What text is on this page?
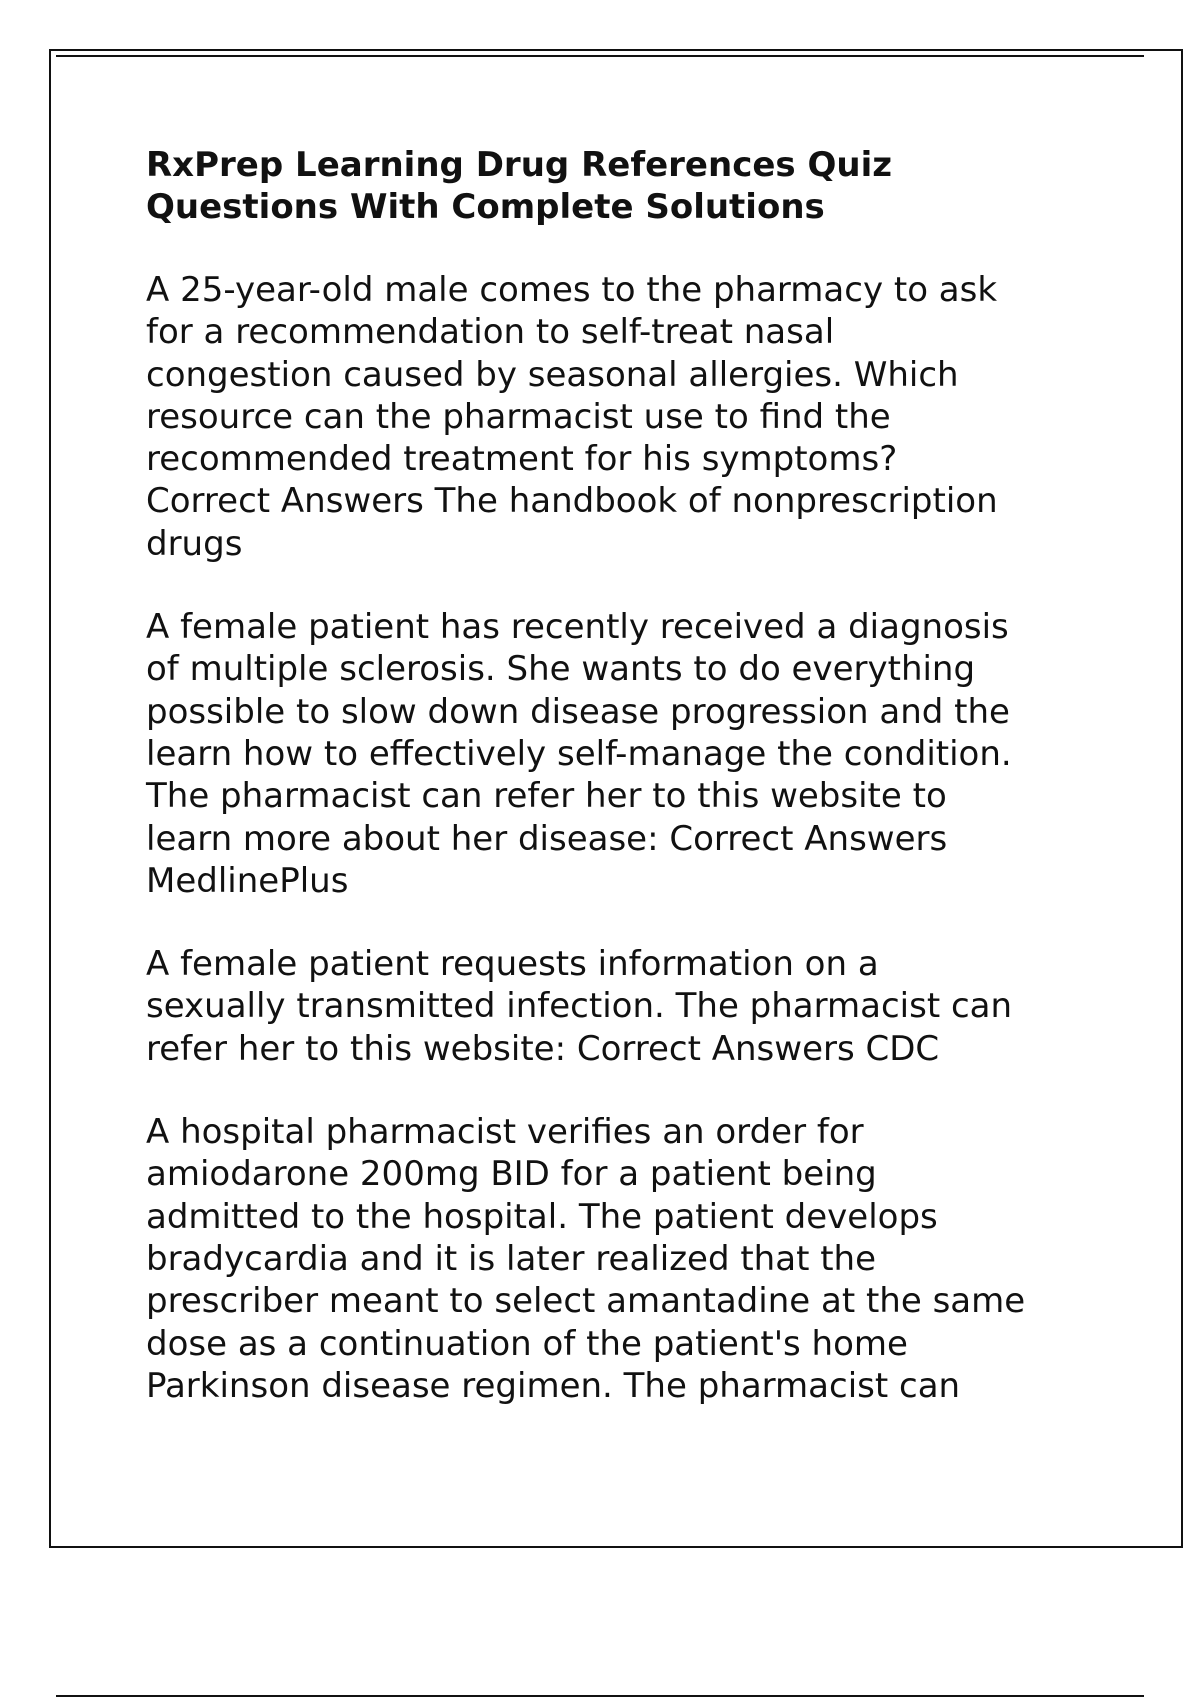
RxPrep Learning Drug References Quiz
Questions With Complete Solutions

A 25-year-old male comes to the pharmacy to ask
for a recommendation to self-treat nasal
congestion caused by seasonal allergies. Which
resource can the pharmacist use to find the
recommended treatment for his symptoms?
Correct Answers The handbook of nonprescription
drugs

A female patient has recently received a diagnosis
of multiple sclerosis. She wants to do everything
possible to slow down disease progression and the
learn how to effectively self-manage the condition.
The pharmacist can refer her to this website to
learn more about her disease: Correct Answers
MedlinePlus

A female patient requests information on a
sexually transmitted infection. The pharmacist can
refer her to this website: Correct Answers CDC

A hospital pharmacist verifies an order for
amiodarone 200mg BID for a patient being
admitted to the hospital. The patient develops
bradycardia and it is later realized that the
prescriber meant to select amantadine at the same
dose as a continuation of the patient's home
Parkinson disease regimen. The pharmacist can
